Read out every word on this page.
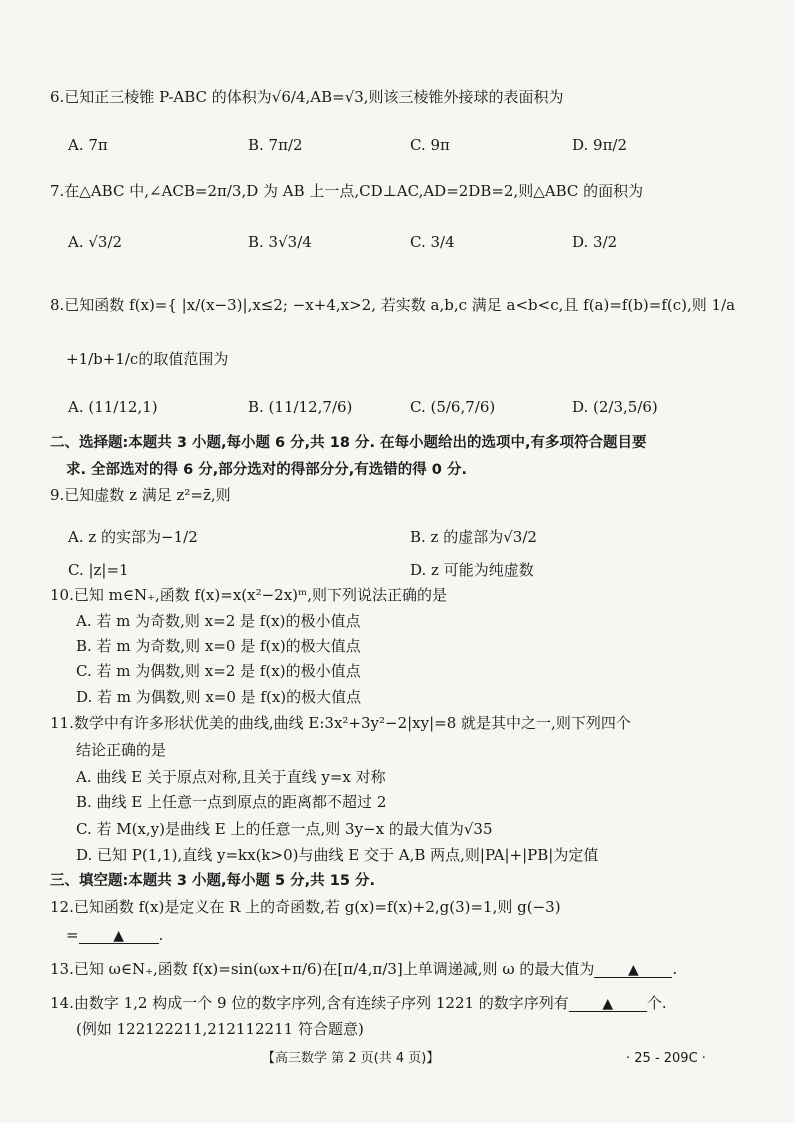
6.已知正三棱锥 P-ABC 的体积为√6/4,AB=√3,则该三棱锥外接球的表面积为
A. 7π	B. 7π/2	C. 9π	D. 9π/2
7.在△ABC 中,∠ACB=2π/3,D 为 AB 上一点,CD⊥AC,AD=2DB=2,则△ABC 的面积为
A. √3/2	B. 3√3/4	C. 3/4	D. 3/2
8.已知函数 f(x)={ |x/(x−3)|,x≤2; −x+4,x>2, 若实数 a,b,c 满足 a<b<c,且 f(a)=f(b)=f(c),则 1/a
+1/b+1/c的取值范围为
A. (11/12,1)	B. (11/12,7/6)	C. (5/6,7/6)	D. (2/3,5/6)
二、选择题:本题共 3 小题,每小题 6 分,共 18 分. 在每小题给出的选项中,有多项符合题目要
求. 全部选对的得 6 分,部分选对的得部分分,有选错的得 0 分.
9.已知虚数 z 满足 z²=z̄,则
A. z 的实部为−1/2	B. z 的虚部为√3/2
C. |z|=1	D. z 可能为纯虚数
10.已知 m∈N₊,函数 f(x)=x(x²−2x)ᵐ,则下列说法正确的是
A. 若 m 为奇数,则 x=2 是 f(x)的极小值点
B. 若 m 为奇数,则 x=0 是 f(x)的极大值点
C. 若 m 为偶数,则 x=2 是 f(x)的极小值点
D. 若 m 为偶数,则 x=0 是 f(x)的极大值点
11.数学中有许多形状优美的曲线,曲线 E:3x²+3y²−2|xy|=8 就是其中之一,则下列四个
结论正确的是
A. 曲线 E 关于原点对称,且关于直线 y=x 对称
B. 曲线 E 上任意一点到原点的距离都不超过 2
C. 若 M(x,y)是曲线 E 上的任意一点,则 3y−x 的最大值为√35
D. 已知 P(1,1),直线 y=kx(k>0)与曲线 E 交于 A,B 两点,则|PA|+|PB|为定值
三、填空题:本题共 3 小题,每小题 5 分,共 15 分.
12.已知函数 f(x)是定义在 R 上的奇函数,若 g(x)=f(x)+2,g(3)=1,则 g(−3)
= ▲ .
13.已知 ω∈N₊,函数 f(x)=sin(ωx+π/6)在[π/4,π/3]上单调递减,则 ω 的最大值为 ▲ .
14.由数字 1,2 构成一个 9 位的数字序列,含有连续子序列 1221 的数字序列有 ▲ 个.
(例如 122122211,212112211 符合题意)
【高三数学 第 2 页(共 4 页)】	· 25 - 209C ·
